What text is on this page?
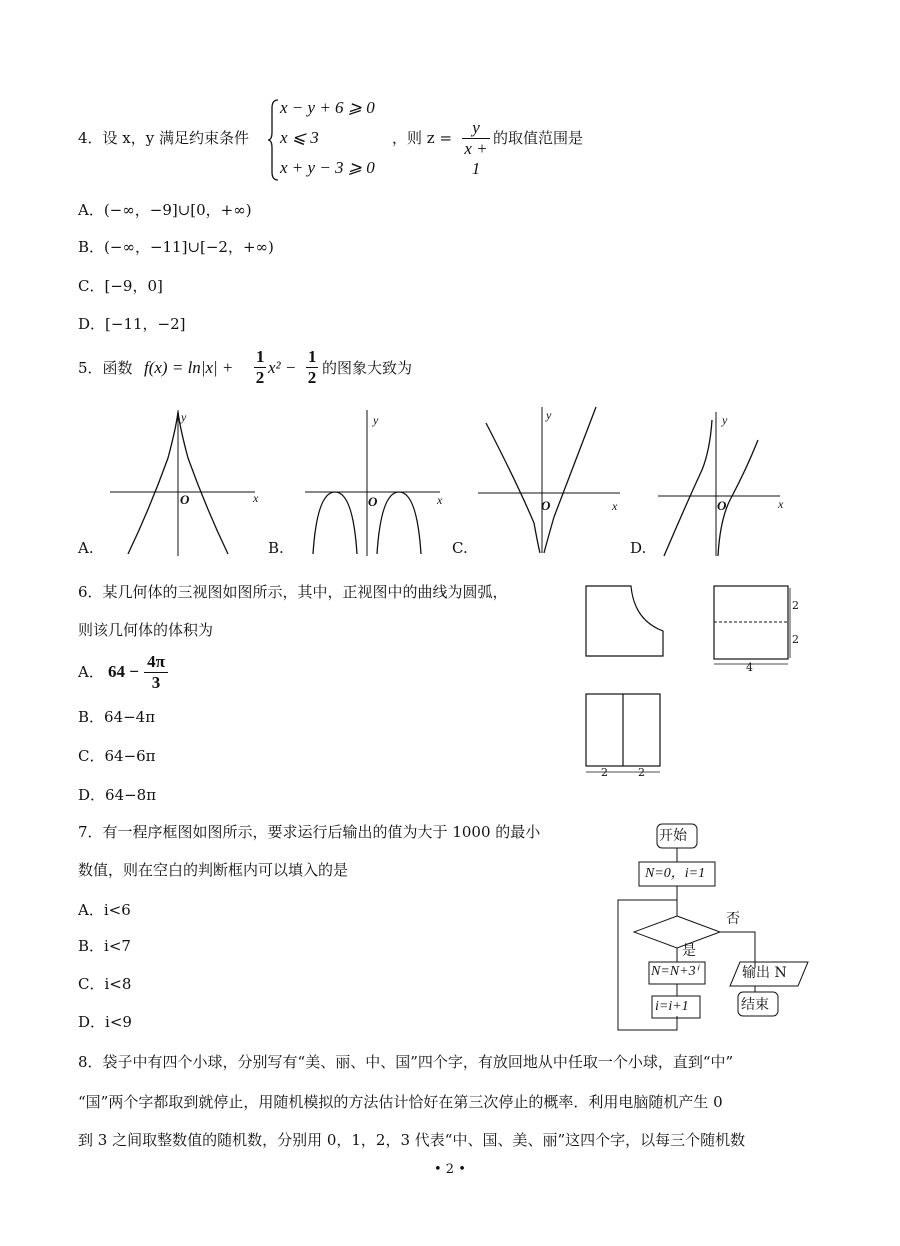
4．设 x，y 满足约束条件
x − y + 6 ⩾ 0
x ⩽ 3
x + y − 3 ⩾ 0
，则 $z = \frac{y}{x + 1}$ 的取值范围是
A．(−∞，−9]∪[0，+∞)
B．(−∞，−11]∪[−2，+∞)
C．[−9，0]
D．[−11，−2]
5．函数 $f(x) = \ln|x| + \frac{1}{2} x^2 - \frac{1}{2}$ 的图象大致为
y
x
O
A.
y
x
O
B.
y
x
O
C.
y
x
O
D.
6．某几何体的三视图如图所示，其中，正视图中的曲线为圆弧，
则该几何体的体积为
A． $64 - \frac{4\pi}{3}$
B．64−4π
C．64−6π
D．64−8π
2
2
4
2	2
7．有一程序框图如图所示，要求运行后输出的值为大于 1000 的最小
数值，则在空白的判断框内可以填入的是
A．i<6
B．i<7
C．i<8
D．i<9
开始
N=0，i=1
否
是
N=N+3ⁱ
i=i+1
输出 N
结束
8．袋子中有四个小球，分别写有“美、丽、中、国”四个字，有放回地从中任取一个小球，直到“中”
“国”两个字都取到就停止，用随机模拟的方法估计恰好在第三次停止的概率．利用电脑随机产生 0
到 3 之间取整数值的随机数，分别用 0，1，2，3 代表“中、国、美、丽”这四个字，以每三个随机数
• 2 •
